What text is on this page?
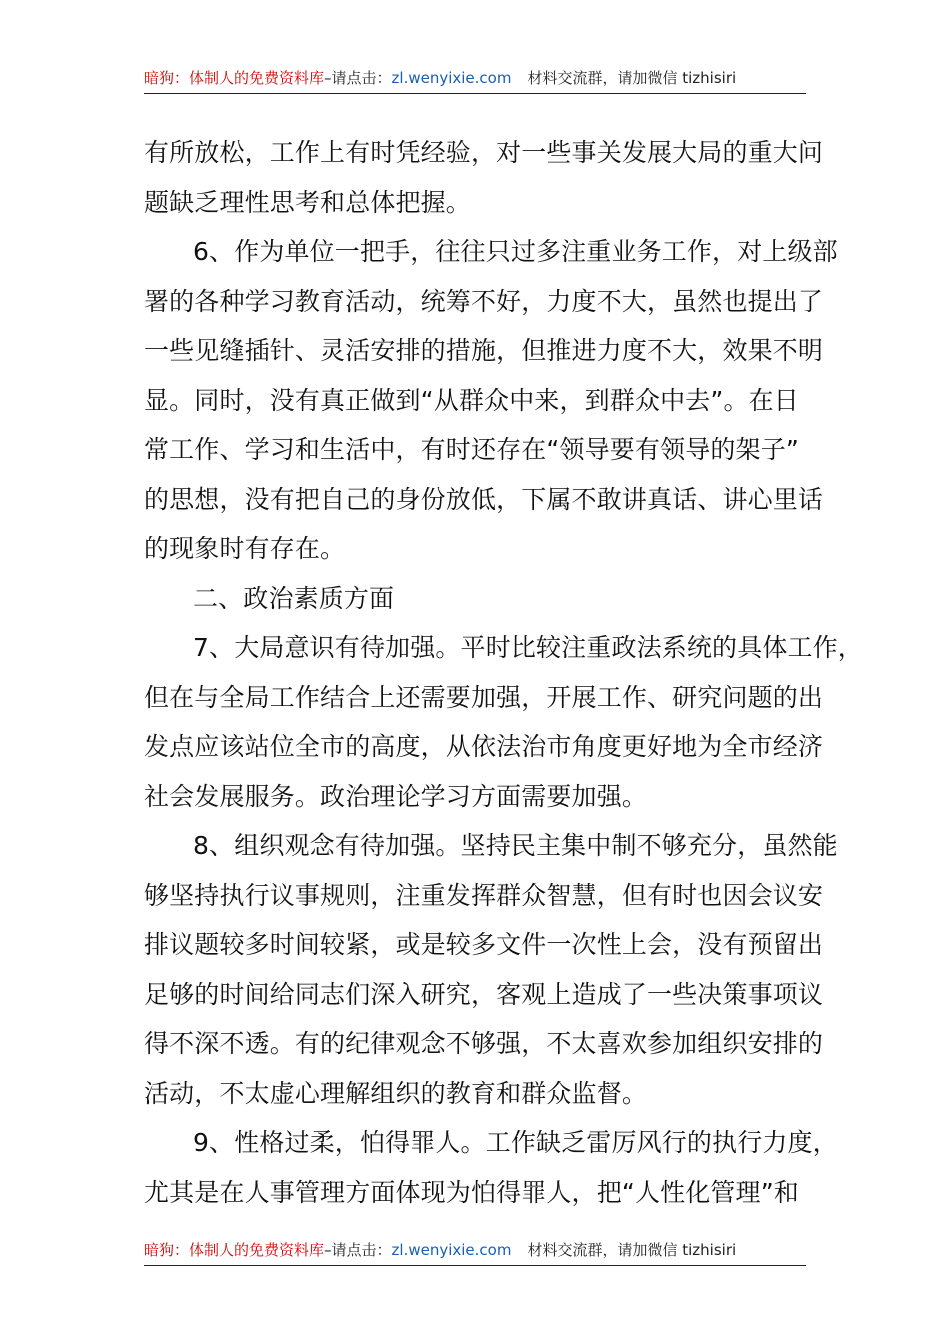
暗狗：体制人的免费资料库–请点击：zl.wenyixie.com 材料交流群，请加微信 tizhisiri
有所放松，工作上有时凭经验，对一些事关发展大局的重大问
题缺乏理性思考和总体把握。
6、作为单位一把手，往往只过多注重业务工作，对上级部
署的各种学习教育活动，统筹不好，力度不大，虽然也提出了
一些见缝插针、灵活安排的措施，但推进力度不大，效果不明
显。同时，没有真正做到“从群众中来，到群众中去”。在日
常工作、学习和生活中，有时还存在“领导要有领导的架子”
的思想，没有把自己的身份放低，下属不敢讲真话、讲心里话
的现象时有存在。
二、政治素质方面
7、大局意识有待加强。平时比较注重政法系统的具体工作，
但在与全局工作结合上还需要加强，开展工作、研究问题的出
发点应该站位全市的高度，从依法治市角度更好地为全市经济
社会发展服务。政治理论学习方面需要加强。
8、组织观念有待加强。坚持民主集中制不够充分，虽然能
够坚持执行议事规则，注重发挥群众智慧，但有时也因会议安
排议题较多时间较紧，或是较多文件一次性上会，没有预留出
足够的时间给同志们深入研究，客观上造成了一些决策事项议
得不深不透。有的纪律观念不够强，不太喜欢参加组织安排的
活动，不太虚心理解组织的教育和群众监督。
9、性格过柔，怕得罪人。工作缺乏雷厉风行的执行力度，
尤其是在人事管理方面体现为怕得罪人，把“人性化管理”和
暗狗：体制人的免费资料库–请点击：zl.wenyixie.com 材料交流群，请加微信 tizhisiri
